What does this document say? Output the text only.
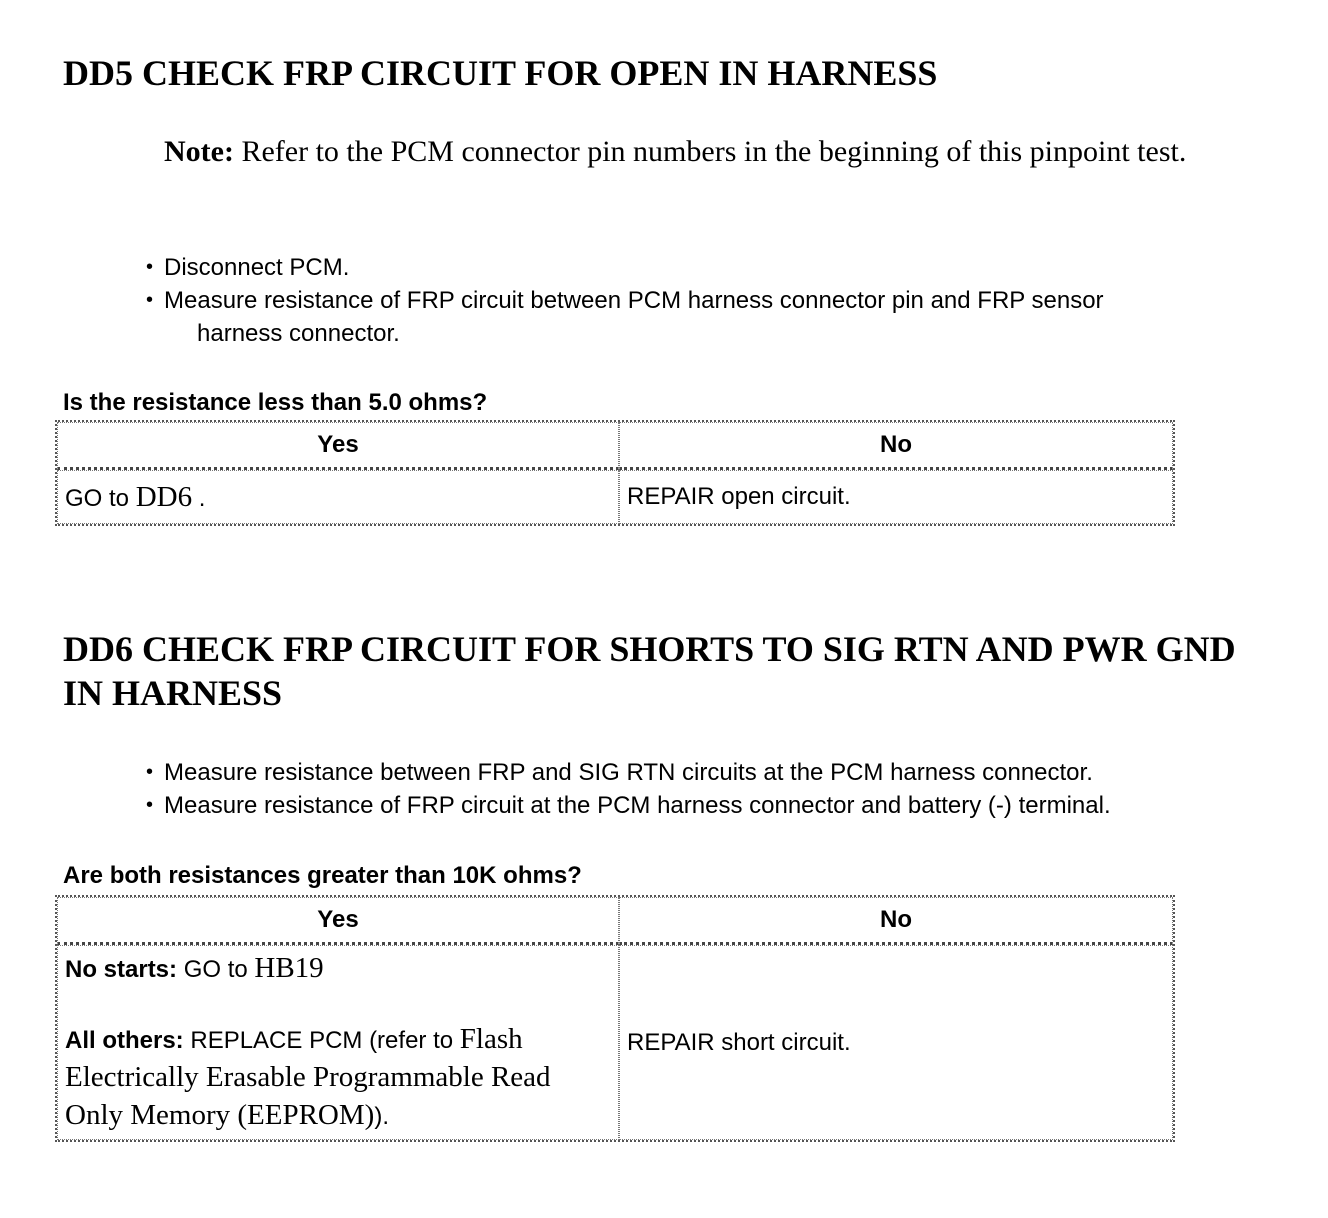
DD5 CHECK FRP CIRCUIT FOR OPEN IN HARNESS
Note: Refer to the PCM connector pin numbers in the beginning of this pinpoint test.
• Disconnect PCM.
• Measure resistance of FRP circuit between PCM harness connector pin and FRP sensor
harness connector.
Is the resistance less than 5.0 ohms?
Yes	No
GO to DD6 .	REPAIR open circuit.
DD6 CHECK FRP CIRCUIT FOR SHORTS TO SIG RTN AND PWR GND IN HARNESS
• Measure resistance between FRP and SIG RTN circuits at the PCM harness connector.
• Measure resistance of FRP circuit at the PCM harness connector and battery (-) terminal.
Are both resistances greater than 10K ohms?
Yes	No

No starts: GO to HB19
All others: REPLACE PCM (refer to Flash Electrically Erasable Programmable Read Only Memory (EEPROM)).	REPAIR short circuit.
